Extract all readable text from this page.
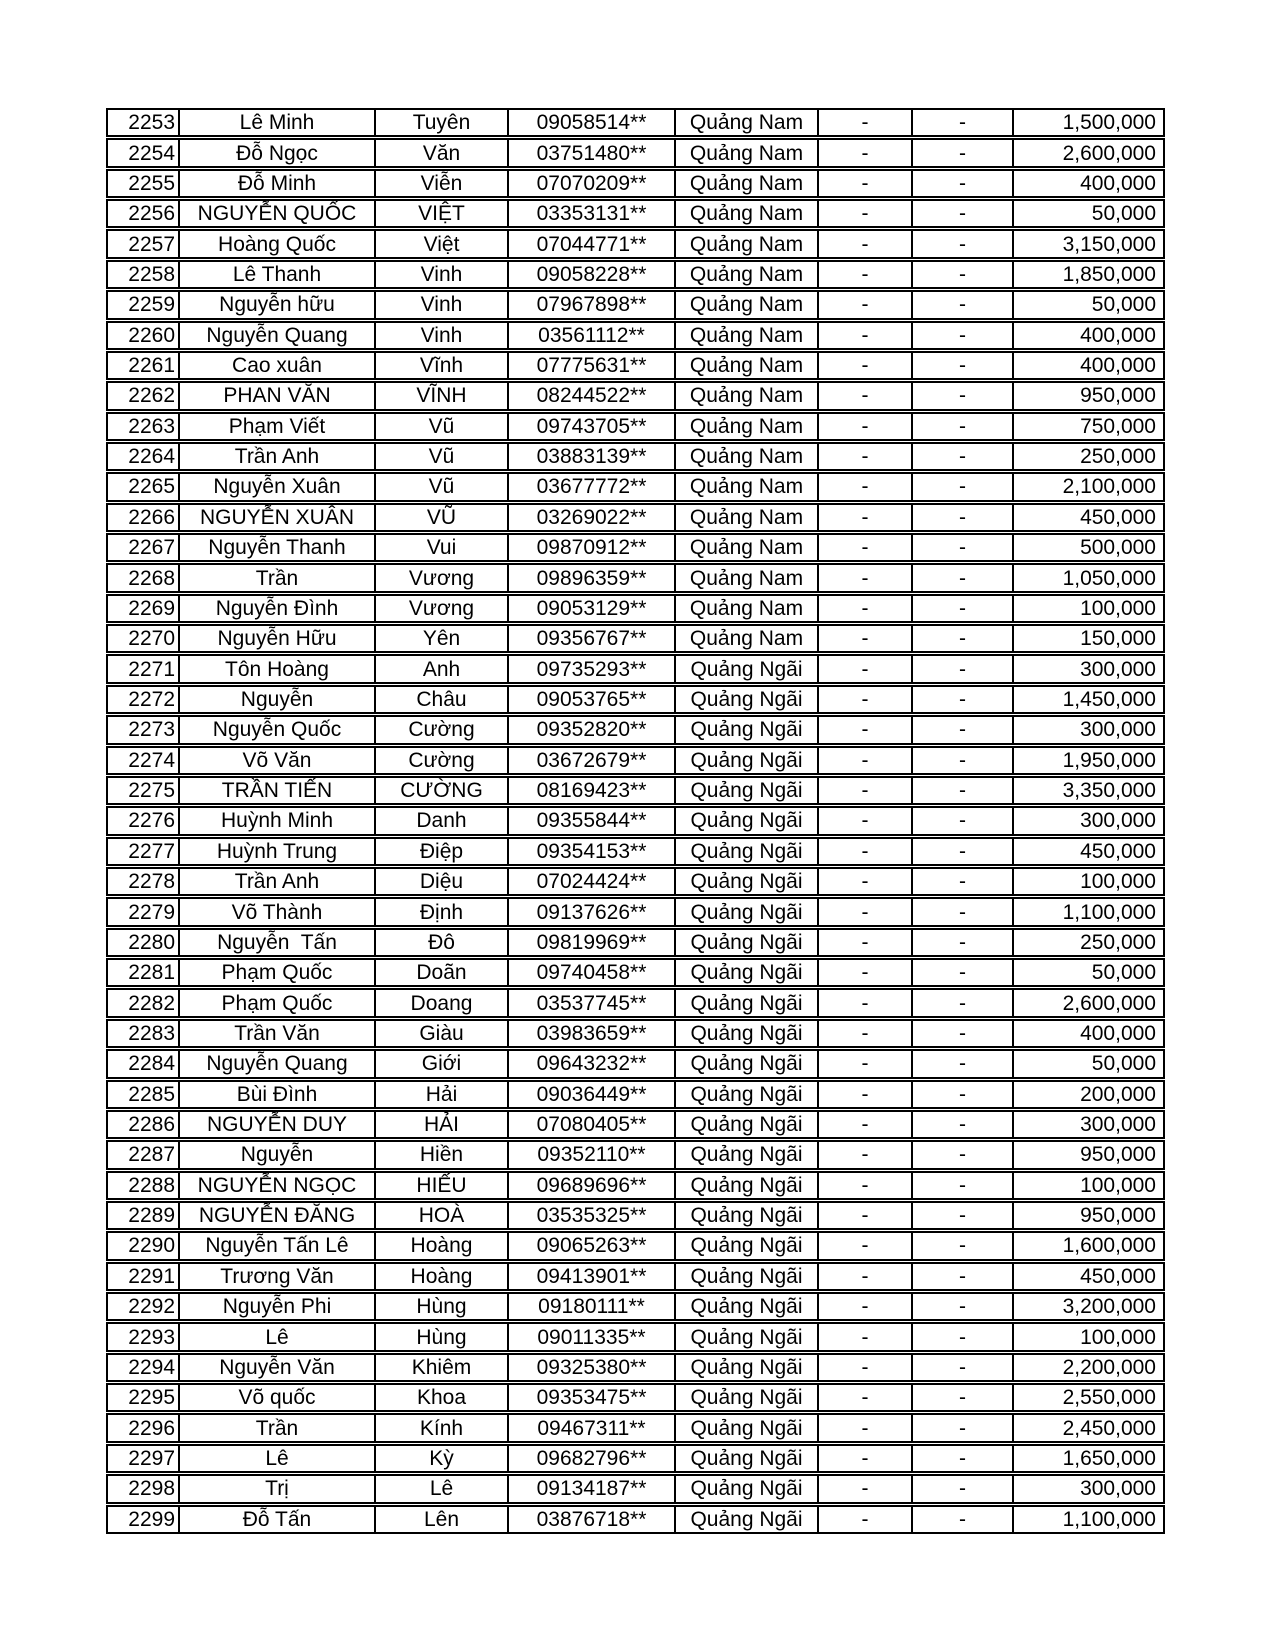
2253	Lê Minh	Tuyên	09058514**	Quảng Nam	-	-	1,500,000
2254	Đỗ Ngọc	Văn	03751480**	Quảng Nam	-	-	2,600,000
2255	Đỗ Minh	Viễn	07070209**	Quảng Nam	-	-	400,000
2256	NGUYỄN QUỐC	VIỆT	03353131**	Quảng Nam	-	-	50,000
2257	Hoàng Quốc	Việt	07044771**	Quảng Nam	-	-	3,150,000
2258	Lê Thanh	Vinh	09058228**	Quảng Nam	-	-	1,850,000
2259	Nguyễn hữu	Vinh	07967898**	Quảng Nam	-	-	50,000
2260	Nguyễn Quang	Vinh	03561112**	Quảng Nam	-	-	400,000
2261	Cao xuân	Vĩnh	07775631**	Quảng Nam	-	-	400,000
2262	PHAN VĂN	VĨNH	08244522**	Quảng Nam	-	-	950,000
2263	Phạm Viết	Vũ	09743705**	Quảng Nam	-	-	750,000
2264	Trần Anh	Vũ	03883139**	Quảng Nam	-	-	250,000
2265	Nguyễn Xuân	Vũ	03677772**	Quảng Nam	-	-	2,100,000
2266	NGUYỄN XUÂN	VŨ	03269022**	Quảng Nam	-	-	450,000
2267	Nguyễn Thanh	Vui	09870912**	Quảng Nam	-	-	500,000
2268	Trần	Vương	09896359**	Quảng Nam	-	-	1,050,000
2269	Nguyễn Đình	Vương	09053129**	Quảng Nam	-	-	100,000
2270	Nguyễn Hữu	Yên	09356767**	Quảng Nam	-	-	150,000
2271	Tôn Hoàng	Anh	09735293**	Quảng Ngãi	-	-	300,000
2272	Nguyễn	Châu	09053765**	Quảng Ngãi	-	-	1,450,000
2273	Nguyễn Quốc	Cường	09352820**	Quảng Ngãi	-	-	300,000
2274	Võ Văn	Cường	03672679**	Quảng Ngãi	-	-	1,950,000
2275	TRẦN TIẾN	CƯỜNG	08169423**	Quảng Ngãi	-	-	3,350,000
2276	Huỳnh Minh	Danh	09355844**	Quảng Ngãi	-	-	300,000
2277	Huỳnh Trung	Điệp	09354153**	Quảng Ngãi	-	-	450,000
2278	Trần Anh	Diệu	07024424**	Quảng Ngãi	-	-	100,000
2279	Võ Thành	Định	09137626**	Quảng Ngãi	-	-	1,100,000
2280	Nguyễn  Tấn	Đô	09819969**	Quảng Ngãi	-	-	250,000
2281	Phạm Quốc	Doãn	09740458**	Quảng Ngãi	-	-	50,000
2282	Phạm Quốc	Doang	03537745**	Quảng Ngãi	-	-	2,600,000
2283	Trần Văn	Giàu	03983659**	Quảng Ngãi	-	-	400,000
2284	Nguyễn Quang	Giới	09643232**	Quảng Ngãi	-	-	50,000
2285	Bùi Đình	Hải	09036449**	Quảng Ngãi	-	-	200,000
2286	NGUYỄN DUY	HẢI	07080405**	Quảng Ngãi	-	-	300,000
2287	Nguyễn	Hiền	09352110**	Quảng Ngãi	-	-	950,000
2288	NGUYỄN NGỌC	HIẾU	09689696**	Quảng Ngãi	-	-	100,000
2289	NGUYỄN ĐĂNG	HOÀ	03535325**	Quảng Ngãi	-	-	950,000
2290	Nguyễn Tấn Lê	Hoàng	09065263**	Quảng Ngãi	-	-	1,600,000
2291	Trương Văn	Hoàng	09413901**	Quảng Ngãi	-	-	450,000
2292	Nguyễn Phi	Hùng	09180111**	Quảng Ngãi	-	-	3,200,000
2293	Lê	Hùng	09011335**	Quảng Ngãi	-	-	100,000
2294	Nguyễn Văn	Khiêm	09325380**	Quảng Ngãi	-	-	2,200,000
2295	Võ quốc	Khoa	09353475**	Quảng Ngãi	-	-	2,550,000
2296	Trần	Kính	09467311**	Quảng Ngãi	-	-	2,450,000
2297	Lê	Kỳ	09682796**	Quảng Ngãi	-	-	1,650,000
2298	Trị	Lê	09134187**	Quảng Ngãi	-	-	300,000
2299	Đỗ Tấn	Lên	03876718**	Quảng Ngãi	-	-	1,100,000
